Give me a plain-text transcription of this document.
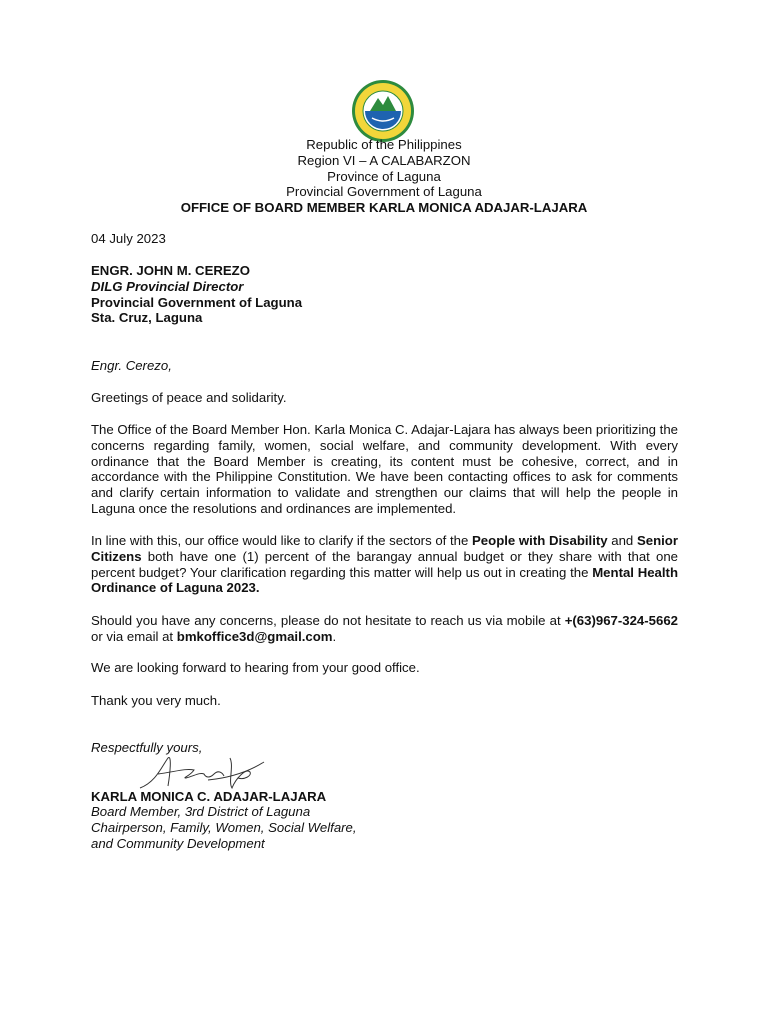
Republic of the Philippines
Region VI – A CALABARZON
Province of Laguna
Provincial Government of Laguna
OFFICE OF BOARD MEMBER KARLA MONICA ADAJAR-LAJARA
04 July 2023
ENGR. JOHN M. CEREZO
DILG Provincial Director
Provincial Government of Laguna
Sta. Cruz, Laguna
Engr. Cerezo,
Greetings of peace and solidarity.
The Office of the Board Member Hon. Karla Monica C. Adajar-Lajara has always been prioritizing the concerns regarding family, women, social welfare, and community development. With every ordinance that the Board Member is creating, its content must be cohesive, correct, and in accordance with the Philippine Constitution. We have been contacting offices to ask for comments and clarify certain information to validate and strengthen our claims that will help the people in Laguna once the resolutions and ordinances are implemented.
In line with this, our office would like to clarify if the sectors of the People with Disability and Senior Citizens both have one (1) percent of the barangay annual budget or they share with that one percent budget? Your clarification regarding this matter will help us out in creating the Mental Health Ordinance of Laguna 2023.
Should you have any concerns, please do not hesitate to reach us via mobile at +(63)967-324-5662 or via email at bmkoffice3d@gmail.com.
We are looking forward to hearing from your good office.
Thank you very much.
Respectfully yours,
KARLA MONICA C. ADAJAR-LAJARA
Board Member, 3rd District of Laguna
Chairperson, Family, Women, Social Welfare,
and Community Development
